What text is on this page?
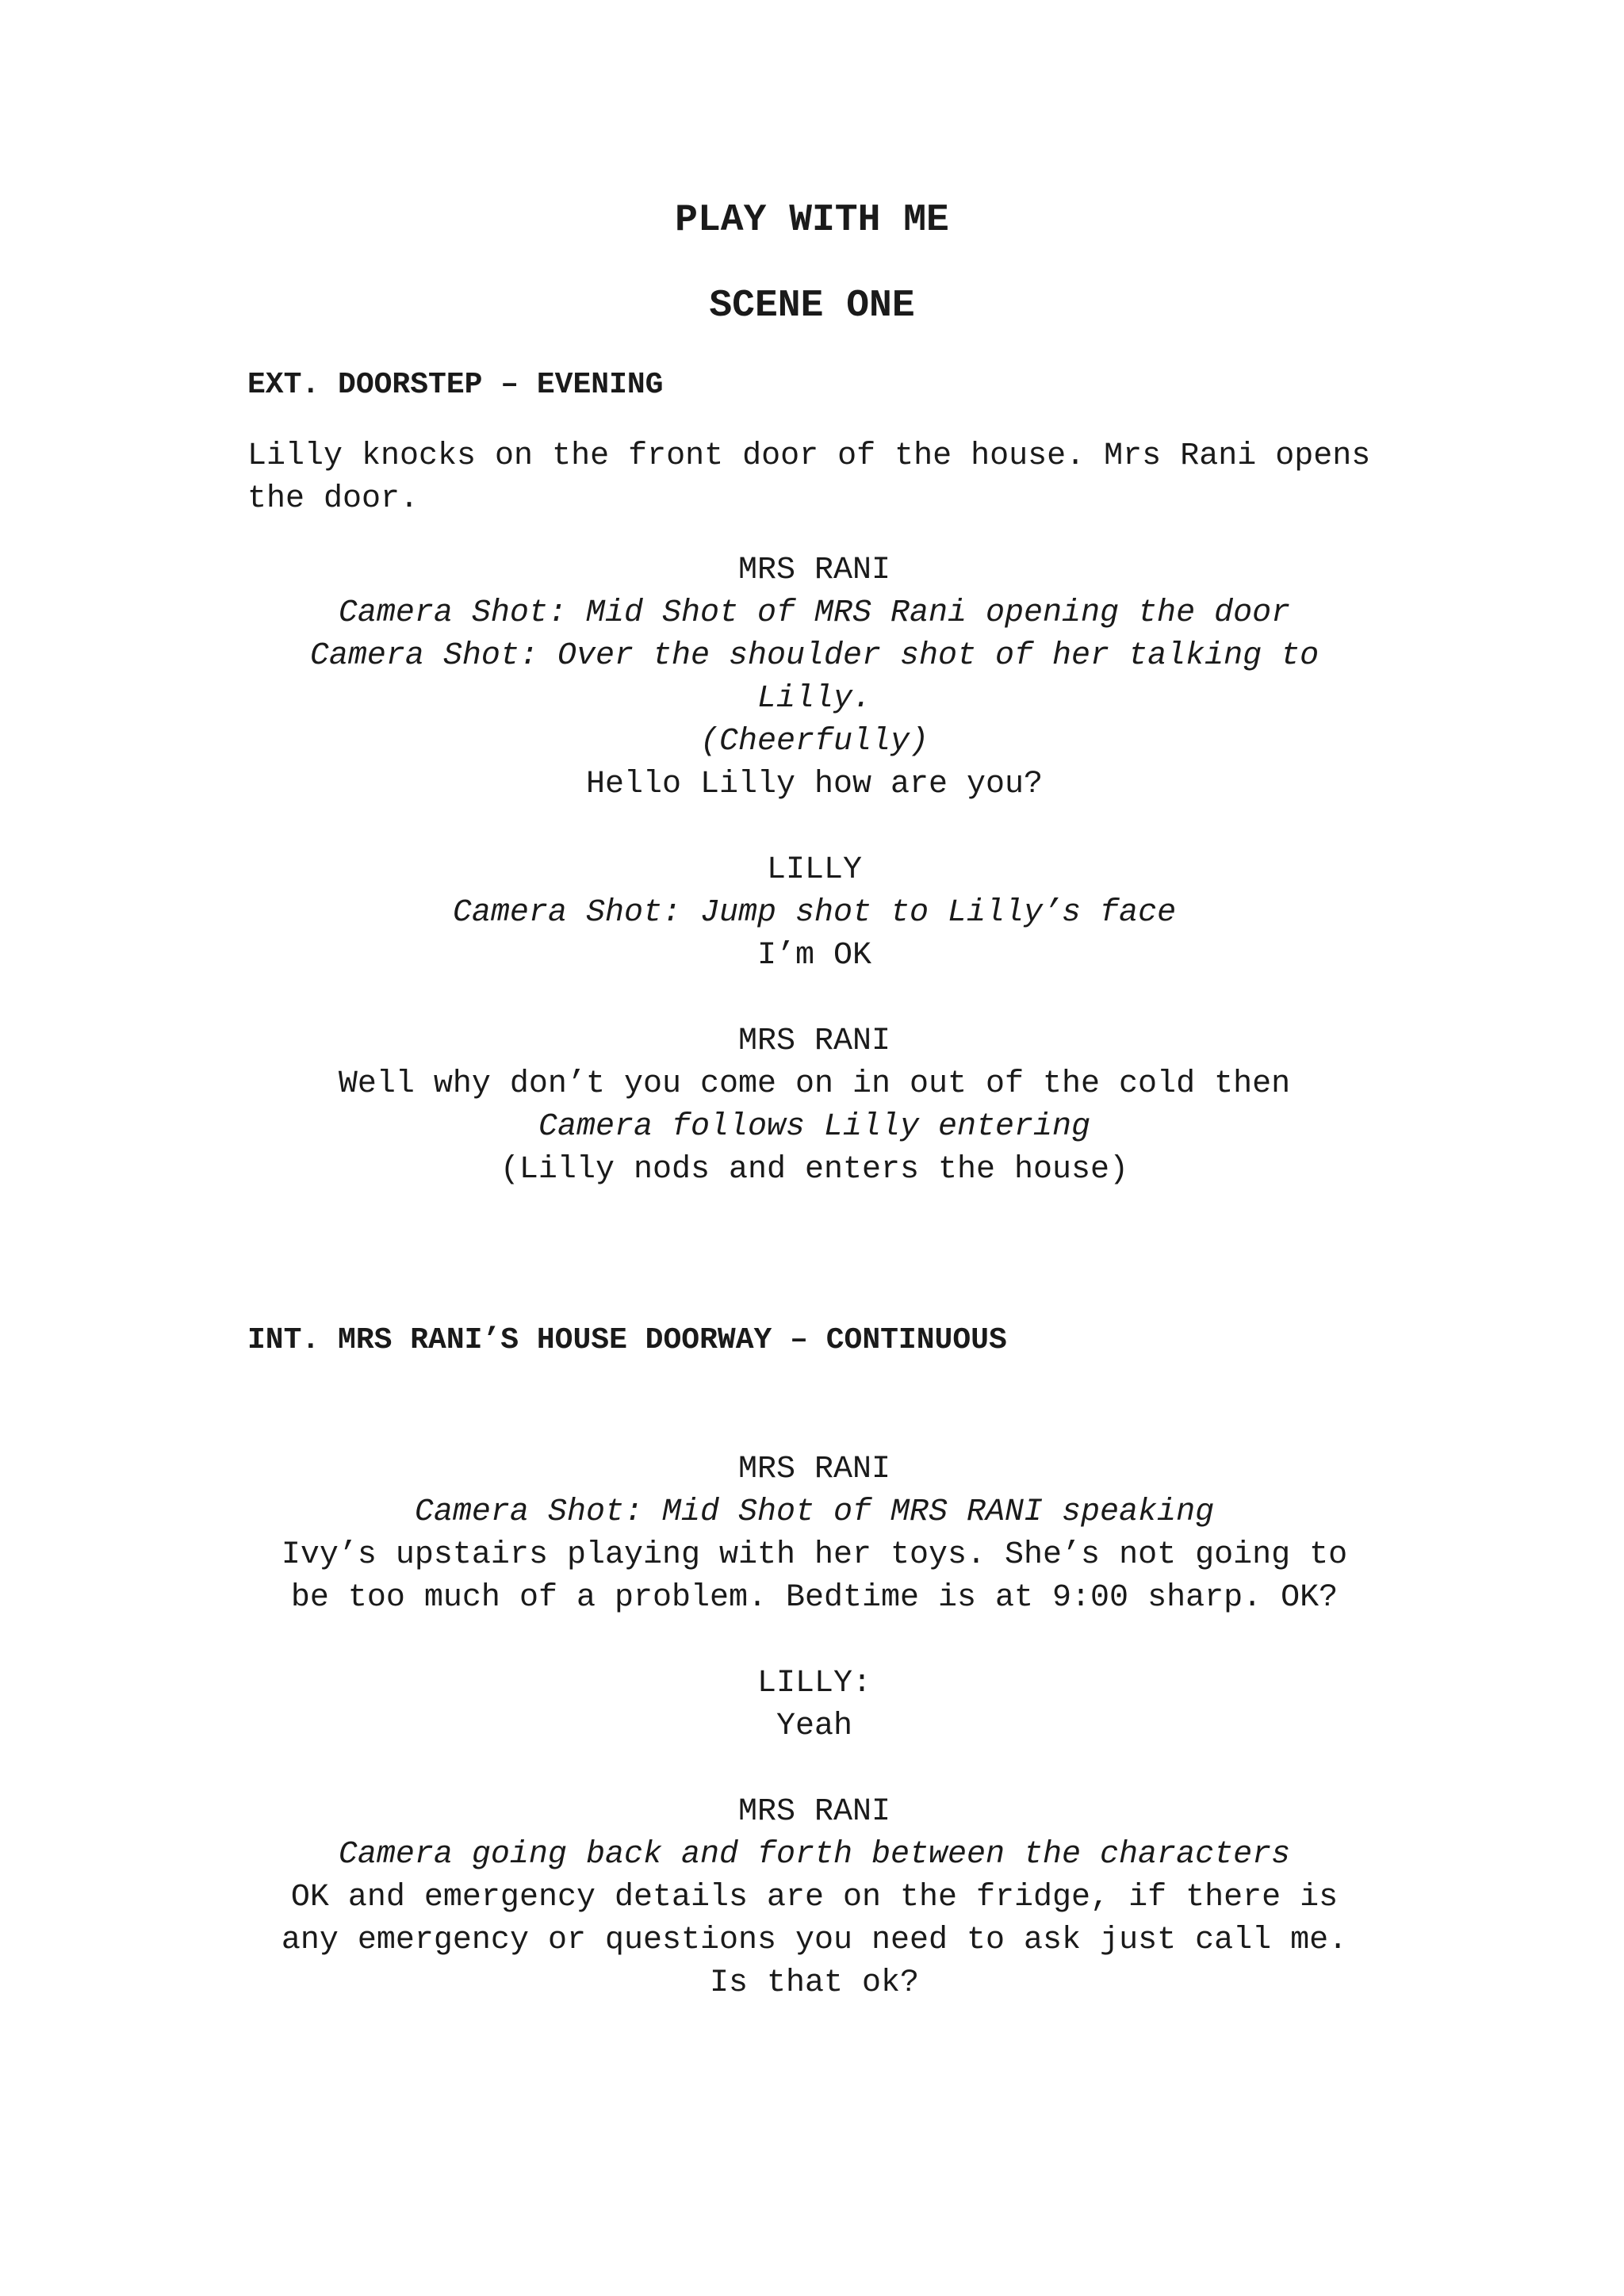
PLAY WITH ME
SCENE ONE
EXT. DOORSTEP – EVENING
Lilly knocks on the front door of the house. Mrs Rani opens the door.
MRS RANI
Camera Shot: Mid Shot of MRS Rani opening the door
Camera Shot: Over the shoulder shot of her talking to Lilly.
(Cheerfully)
Hello Lilly how are you?
LILLY
Camera Shot: Jump shot to Lilly’s face
I’m OK
MRS RANI
Well why don’t you come on in out of the cold then
Camera follows Lilly entering
(Lilly nods and enters the house)
INT. MRS RANI’S HOUSE DOORWAY – CONTINUOUS
MRS RANI
Camera Shot: Mid Shot of MRS RANI speaking
Ivy’s upstairs playing with her toys. She’s not going to
be too much of a problem. Bedtime is at 9:00 sharp. OK?
LILLY:
Yeah
MRS RANI
Camera going back and forth between the characters
OK and emergency details are on the fridge, if there is
any emergency or questions you need to ask just call me.
Is that ok?
